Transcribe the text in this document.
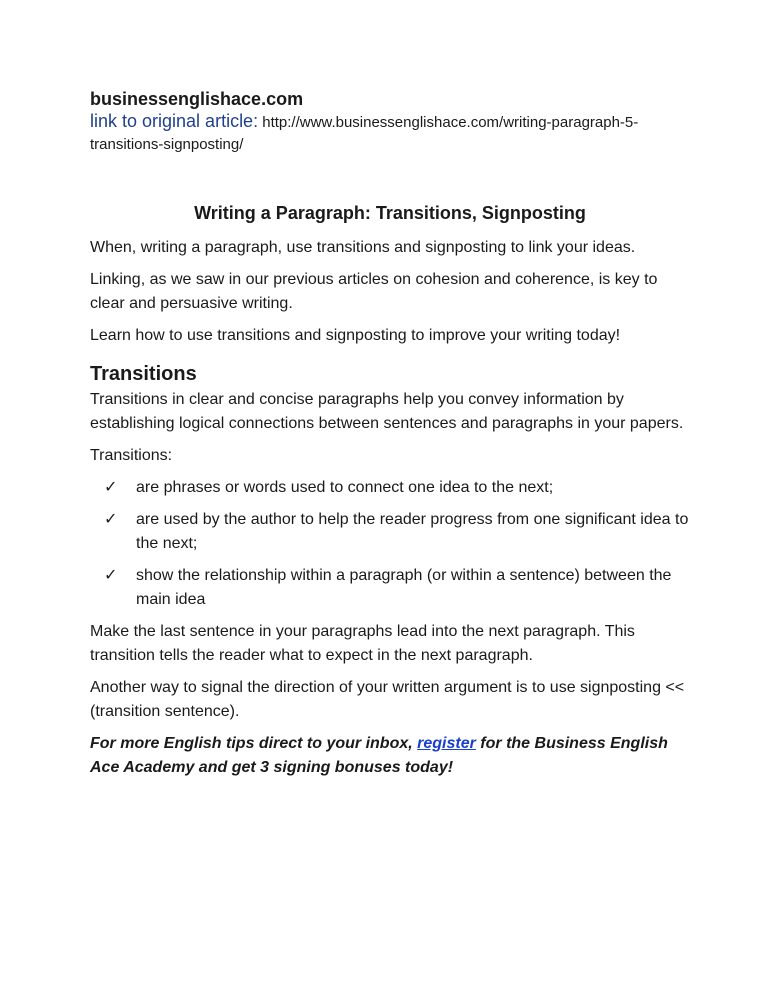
businessenglishace.com

link to original article: http://www.businessenglishace.com/writing-paragraph-5-transitions-signposting/

Writing a Paragraph: Transitions, Signposting

When, writing a paragraph, use transitions and signposting to link your ideas.

Linking, as we saw in our previous articles on cohesion and coherence, is key to clear and persuasive writing.

Learn how to use transitions and signposting to improve your writing today!

Transitions

Transitions in clear and concise paragraphs help you convey information by establishing logical connections between sentences and paragraphs in your papers.

Transitions:

✓ are phrases or words used to connect one idea to the next;
✓ are used by the author to help the reader progress from one significant idea to the next;
✓ show the relationship within a paragraph (or within a sentence) between the main idea

Make the last sentence in your paragraphs lead into the next paragraph. This transition tells the reader what to expect in the next paragraph.

Another way to signal the direction of your written argument is to use signposting << (transition sentence).

For more English tips direct to your inbox, register for the Business English Ace Academy and get 3 signing bonuses today!
